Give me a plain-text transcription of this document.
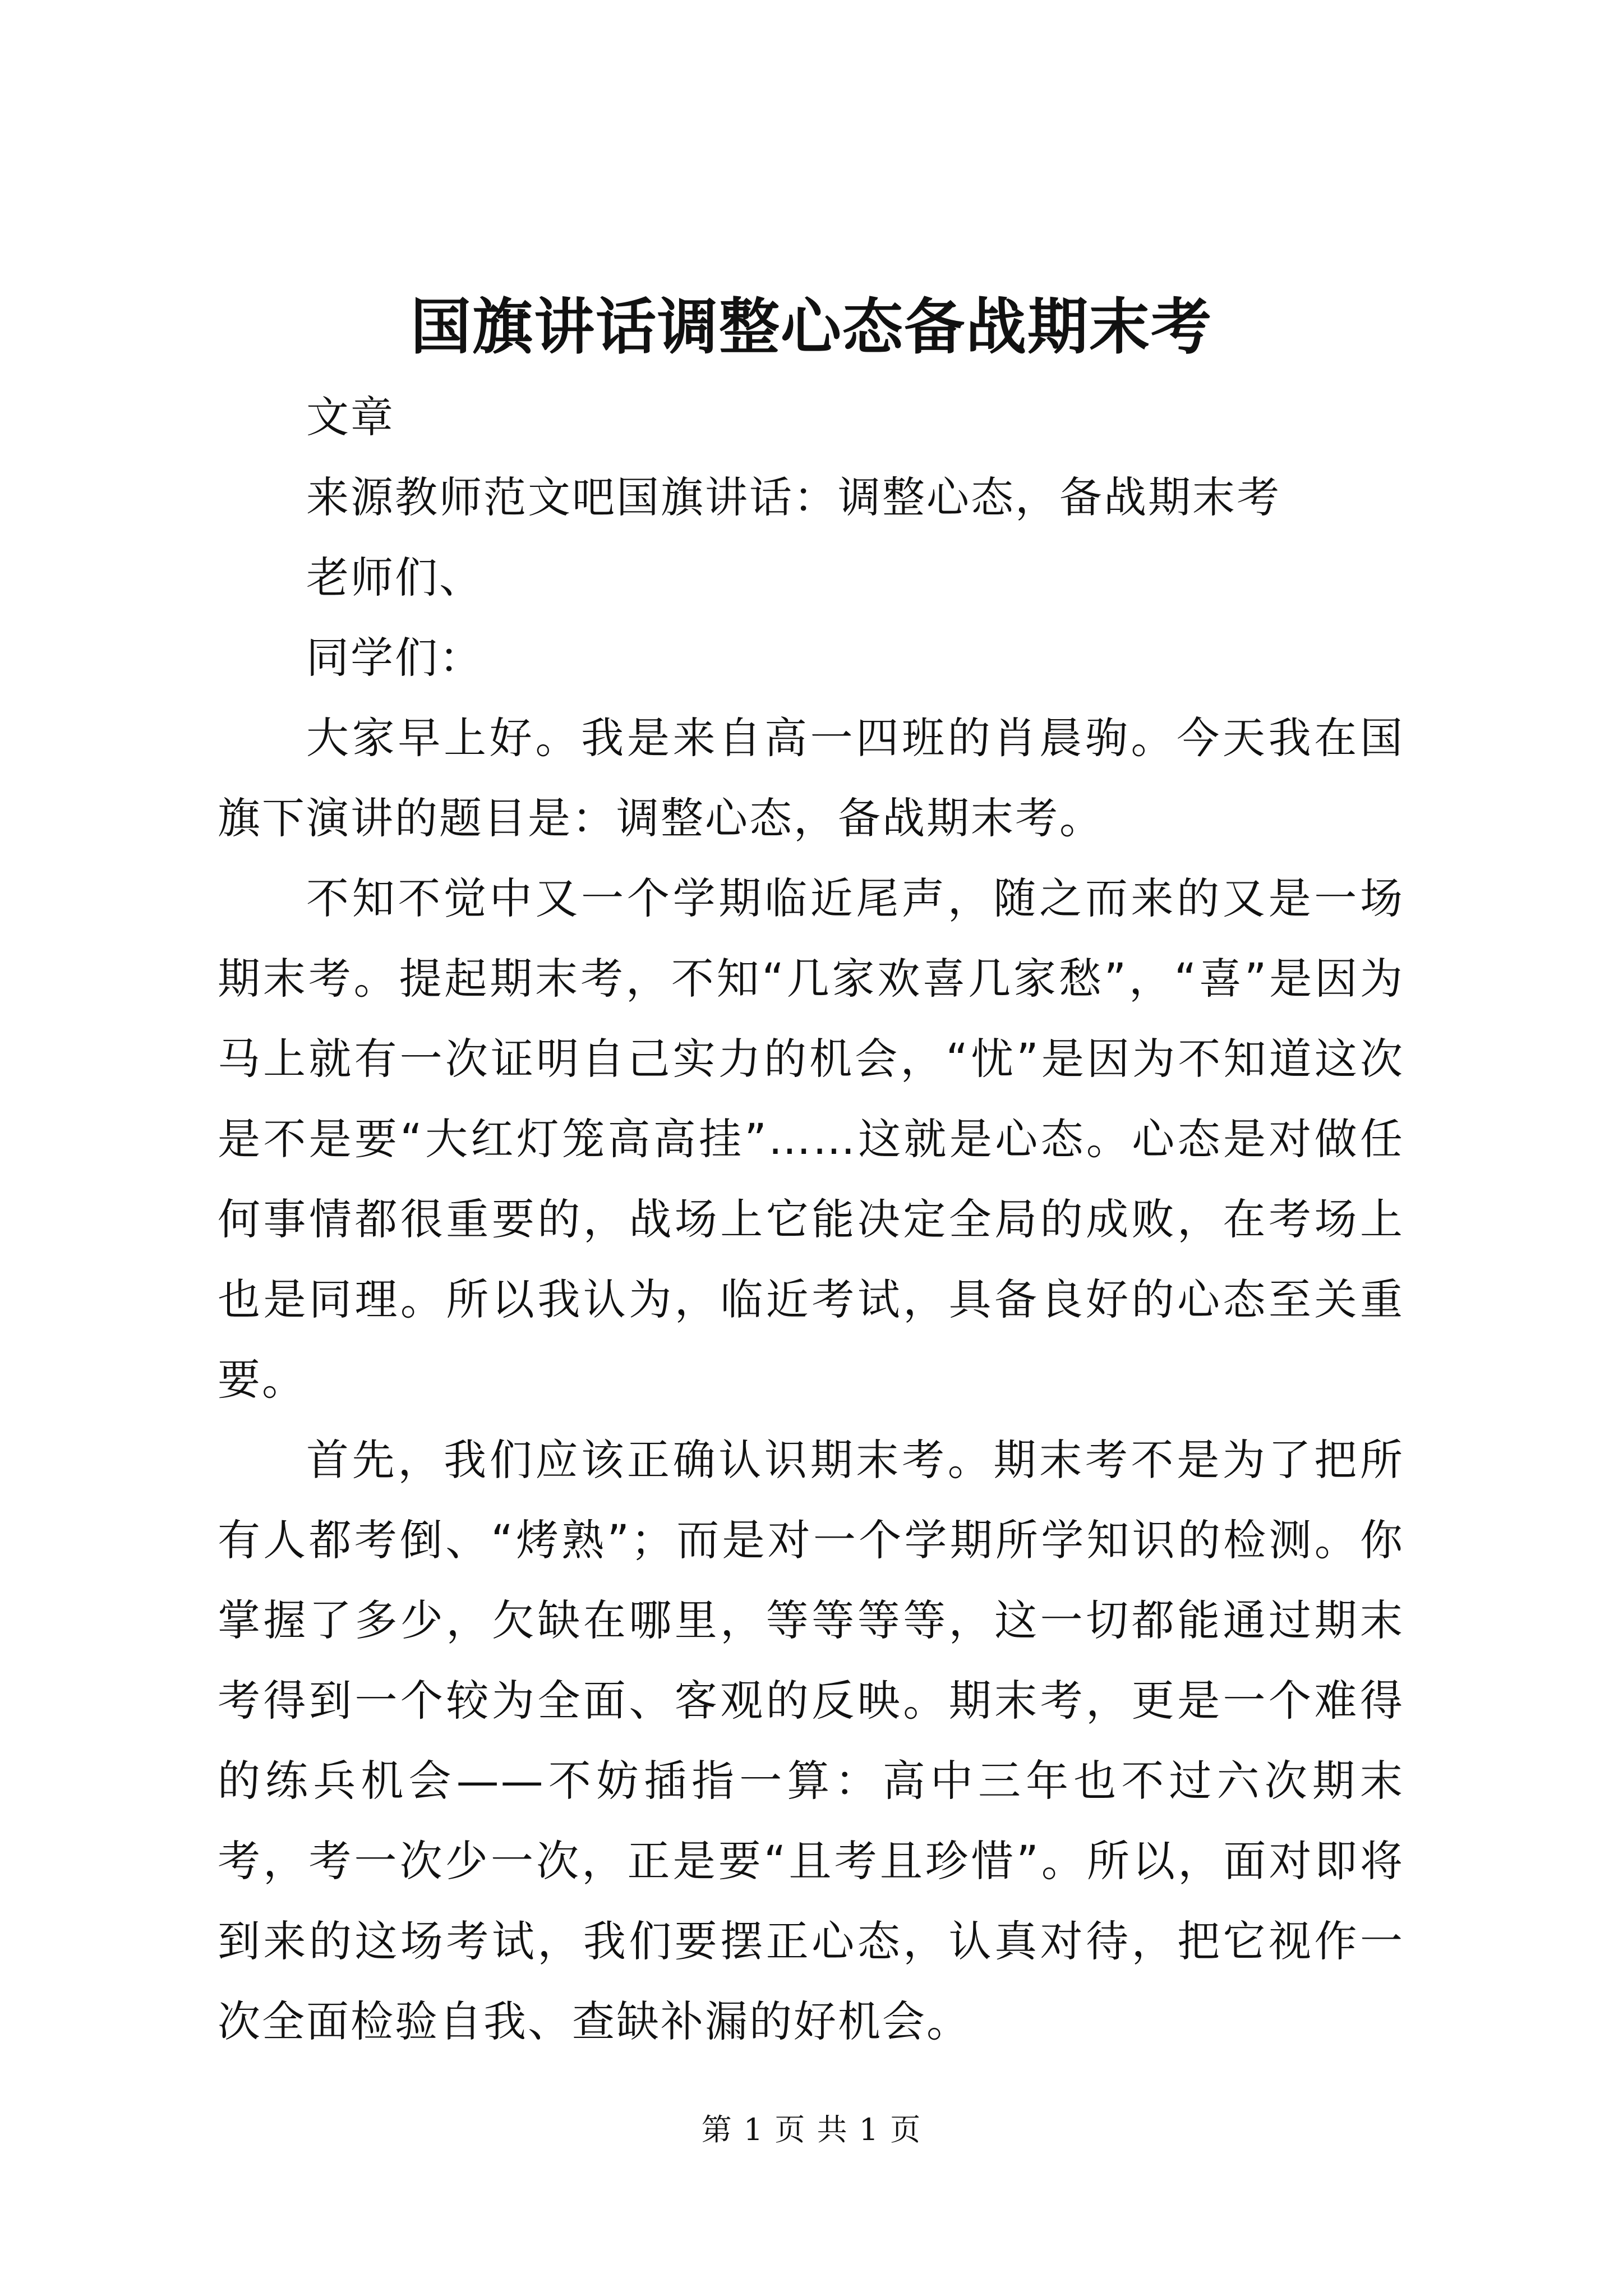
国旗讲话调整心态备战期末考

文章

来源教师范文吧国旗讲话：调整心态，备战期末考

老师们、

同学们：

大家早上好。我是来自高一四班的肖晨驹。今天我在国旗下演讲的题目是：调整心态，备战期末考。

不知不觉中又一个学期临近尾声，随之而来的又是一场期末考。提起期末考，不知“几家欢喜几家愁”，“喜”是因为马上就有一次证明自己实力的机会，“忧”是因为不知道这次是不是要“大红灯笼高高挂”……这就是心态。心态是对做任何事情都很重要的，战场上它能决定全局的成败，在考场上也是同理。所以我认为，临近考试，具备良好的心态至关重要。

首先，我们应该正确认识期末考。期末考不是为了把所有人都考倒、“烤熟”；而是对一个学期所学知识的检测。你掌握了多少，欠缺在哪里，等等等等，这一切都能通过期末考得到一个较为全面、客观的反映。期末考，更是一个难得的练兵机会——不妨插指一算：高中三年也不过六次期末考，考一次少一次，正是要“且考且珍惜”。所以，面对即将到来的这场考试，我们要摆正心态，认真对待，把它视作一次全面检验自我、查缺补漏的好机会。

第 1 页 共 1 页
